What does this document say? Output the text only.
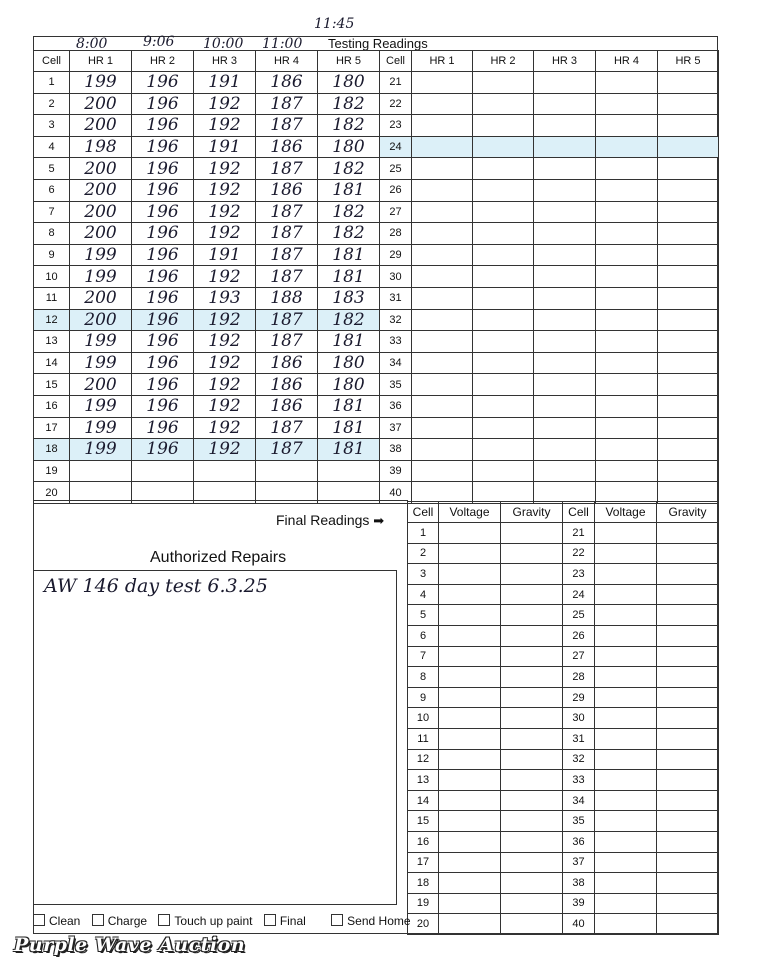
8:00	9:06 10:00 11:00
11:45
Testing Readings
Cell	HR 1	HR 2	HR 3	HR 4	HR 5	Cell	HR 1	HR 2	HR 3	HR 4	HR 5
1	199	196	191	186	180	21					
2	200	196	192	187	182	22					
3	200	196	192	187	182	23					
4	198	196	191	186	180	24					
5	200	196	192	187	182	25					
6	200	196	192	186	181	26					
7	200	196	192	187	182	27					
8	200	196	192	187	182	28					
9	199	196	191	187	181	29					
10	199	196	192	187	181	30					
11	200	196	193	188	183	31					
12	200	196	192	187	182	32					
13	199	196	192	187	181	33					
14	199	196	192	186	180	34					
15	200	196	192	186	180	35					
16	199	196	192	186	181	36					
17	199	196	192	187	181	37					
18	199	196	192	187	181	38					
19						39					
20						40					
Final Readings ➡
Cell	Voltage	Gravity	Cell	Voltage	Gravity
1			21		
2			22		
3			23		
4			24		
5			25		
6			26		
7			27		
8			28		
9			29		
10			30		
11			31		
12			32		
13			33		
14			34		
15			35		
16			36		
17			37		
18			38		
19			39		
20			40		
Authorized Repairs
AW 146 day test 6.3.25
Clean Charge Touch up paint Final	Send Home
Purple Wave Auction
